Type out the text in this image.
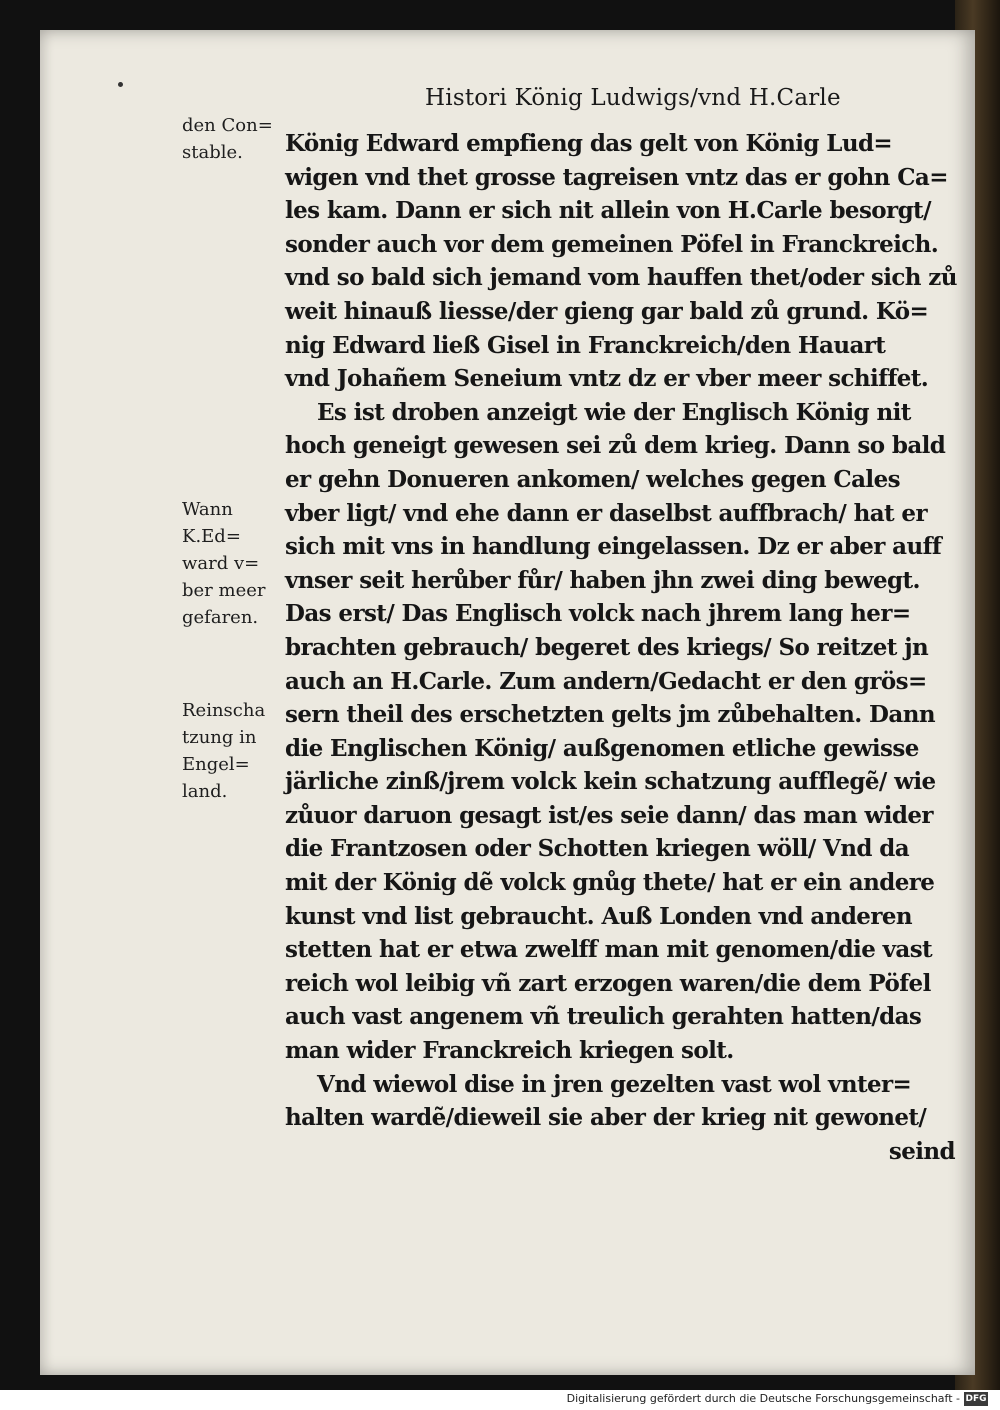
Histori König Ludwigs/vnd H.Carle
König Edward empfieng das gelt von König Lud=
wigen vnd thet grosse tagreisen vntz das er gohn Ca=
les kam. Dann er sich nit allein von H.Carle besorgt/
sonder auch vor dem gemeinen Pöfel in Franckreich.
vnd so bald sich jemand vom hauffen thet/oder sich zů
weit hinauß liesse/der gieng gar bald zů grund. Kö=
nig Edward ließ Gisel in Franckreich/den Hauart
vnd Johañem Seneium vntz dz er vber meer schiffet.
Es ist droben anzeigt wie der Englisch König nit
hoch geneigt gewesen sei zů dem krieg. Dann so bald
er gehn Donueren ankomen/ welches gegen Cales
vber ligt/ vnd ehe dann er daselbst auffbrach/ hat er
sich mit vns in handlung eingelassen. Dz er aber auff
vnser seit herůber fůr/ haben jhn zwei ding bewegt.
Das erst/ Das Englisch volck nach jhrem lang her=
brachten gebrauch/ begeret des kriegs/ So reitzet jn
auch an H.Carle. Zum andern/Gedacht er den grös=
sern theil des erschetzten gelts jm zůbehalten. Dann
die Englischen König/ außgenomen etliche gewisse
järliche zinß/jrem volck kein schatzung aufflegẽ/ wie
zůuor daruon gesagt ist/es seie dann/ das man wider
die Frantzosen oder Schotten kriegen wöll/ Vnd da
mit der König dẽ volck gnůg thete/ hat er ein andere
kunst vnd list gebraucht. Auß Londen vnd anderen
stetten hat er etwa zwelff man mit genomen/die vast
reich wol leibig vñ zart erzogen waren/die dem Pöfel
auch vast angenem vñ treulich gerahten hatten/das
man wider Franckreich kriegen solt.
Vnd wiewol dise in jren gezelten vast wol vnter=
halten wardẽ/dieweil sie aber der krieg nit gewonet/
seind
den Con=
stable.
Wann
K.Ed=
ward v=
ber meer
gefaren.
Reinscha
tzung in
Engel=
land.
Digitalisierung gefördert durch die Deutsche Forschungsgemeinschaft - DFG
